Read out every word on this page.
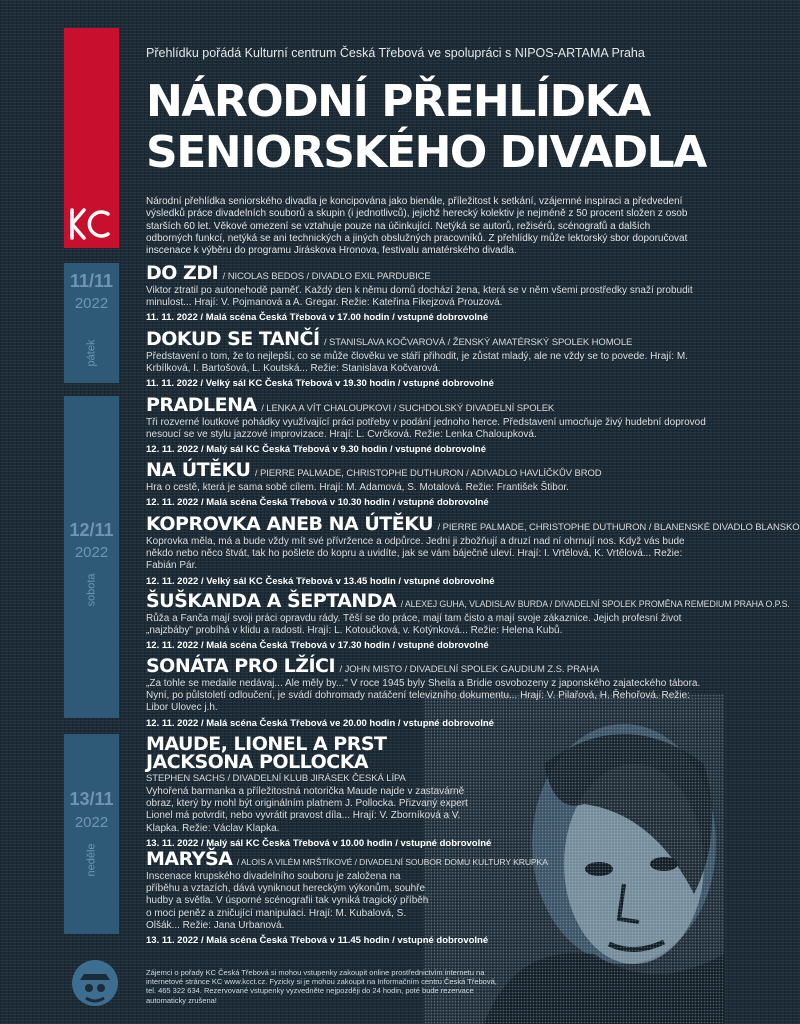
11/11
2022
pátek
12/11
2022
sobota
13/11
2022
neděle
Přehlídku pořádá Kulturní centrum Česká Třebová ve spolupráci s NIPOS-ARTAMA Praha
NÁRODNÍ PŘEHLÍDKA
SENIORSKÉHO DIVADLA

Národní přehlídka seniorského divadla je koncipována jako bienále, příležitost k setkání, vzájemné inspiraci a předvedení výsledků práce divadelních souborů a skupin (i jednotlivců), jejichž herecký kolektiv je nejméně z 50 procent složen z osob starších 60 let. Věkové omezení se vztahuje pouze na účinkující. Netýká se autorů, režisérů, scénografů a dalších odborných funkcí, netýká se ani technických a jiných obslužných pracovníků. Z přehlídky může lektorský sbor doporučovat inscenace k výběru do programu Jiráskova Hronova, festivalu amatérského divadla.

DO ZDI / NICOLAS BEDOS / DIVADLO EXIL PARDUBICE

Viktor ztratil po autonehodě paměť. Každý den k němu domů dochází žena, která se v něm všemi prostředky snaží probudit minulost... Hrají: V. Pojmanová a A. Gregar. Režie: Kateřina Fikejzová Prouzová.

11. 11. 2022 / Malá scéna Česká Třebová v 17.00 hodin / vstupné dobrovolné
DOKUD SE TANČÍ / STANISLAVA KOČVAROVÁ / ŽENSKÝ AMATÉRSKÝ SPOLEK HOMOLE

Představení o tom, že to nejlepší, co se může člověku ve stáří přihodit, je zůstat mladý, ale ne vždy se to povede. Hrají: M. Krbílková, I. Bartošová, L. Koutská... Režie: Stanislava Kočvarová.

11. 11. 2022 / Velký sál KC Česká Třebová v 19.30 hodin / vstupné dobrovolné
PRADLENA / LENKA A VÍT CHALOUPKOVI / SUCHDOLSKÝ DIVADELNÍ SPOLEK

Tři rozverné loutkové pohádky využívající práci potřeby v podání jednoho herce. Představení umocňuje živý hudební doprovod nesoucí se ve stylu jazzové improvizace. Hrají: L. Cvrčková. Režie: Lenka Chaloupková.

12. 11. 2022 / Malý sál KC Česká Třebová v 9.30 hodin / vstupné dobrovolné
NA ÚTĚKU / PIERRE PALMADE, CHRISTOPHE DUTHURON / ADIVADLO HAVLÍČKŮV BROD

Hra o cestě, která je sama sobě cílem. Hrají: M. Adamová, S. Motalová. Režie: František Štibor.

12. 11. 2022 / Malá scéna Česká Třebová v 10.30 hodin / vstupné dobrovolné
KOPROVKA ANEB NA ÚTĚKU / PIERRE PALMADE, CHRISTOPHE DUTHURON / BLANENSKÉ DIVADLO BLANSKO

Koprovka měla, má a bude vždy mít své přívržence a odpůrce. Jedni ji zbožňují a druzí nad ní ohrnují nos. Když vás bude někdo nebo něco štvát, tak ho pošlete do kopru a uvidíte, jak se vám báječně uleví. Hrají: I. Vrtělová, K. Vrtělová... Režie: Fabián Pár.

12. 11. 2022 / Velký sál KC Česká Třebová v 13.45 hodin / vstupné dobrovolné
ŠUŠKANDA A ŠEPTANDA / ALEXEJ GUHA, VLADISLAV BURDA / DIVADELNÍ SPOLEK PROMĚNA REMEDIUM PRAHA O.P.S.

Růža a Fanča mají svoji práci opravdu rády. Těší se do práce, mají tam čisto a mají svoje zákaznice. Jejich profesní život „najzbáby" probíhá v klidu a radosti. Hrají: L. Kotoučková, v. Kotýnková... Režie: Helena Kubů.

12. 11. 2022 / Malá scéna Česká Třebová v 17.30 hodin / vstupné dobrovolné
SONÁTA PRO LŽÍCI / JOHN MISTO / DIVADELNÍ SPOLEK GAUDIUM Z.S. PRAHA

„Za tohle se medaile nedávaj... Ale měly by..." V roce 1945 byly Sheila a Bridie osvobozeny z japonského zajateckého tábora. Nyní, po půlstoletí odloučení, je svádí dohromady natáčení televizního dokumentu... Hrají: V. Pilařová, H. Řehořová. Režie: Libor Ulovec j.h.

12. 11. 2022 / Malá scéna Česká Třebová ve 20.00 hodin / vstupné dobrovolné
MAUDE, LIONEL A PRST
JACKSONA POLLOCKA
STEPHEN SACHS / DIVADELNÍ KLUB JIRÁSEK ČESKÁ LÍPA

Vyhořená barmanka a příležitostná notorička Maude najde v zastavárně obraz, který by mohl být originálním platnem J. Pollocka. Přizvaný expert Lionel má potvrdit, nebo vyvrátit pravost díla... Hrají: V. Zborníková a V. Klapka. Režie: Václav Klapka.

13. 11. 2022 / Malý sál KC Česká Třebová v 10.00 hodin / vstupné dobrovolné
MARYŠA / ALOIS A VILÉM MRŠTÍKOVÉ / DIVADELNÍ SOUBOR DOMU KULTURY KRUPKA

Inscenace krupského divadelního souboru je založena na příběhu a vztazích, dává vyniknout hereckým výkonům, souhře hudby a světla. V úsporné scénografii tak vyniká tragický příběh o moci peněz a zničující manipulaci. Hrají: M. Kubalová, S. Olšák... Režie: Jana Urbanová.

13. 11. 2022 / Malá scéna Česká Třebová v 11.45 hodin / vstupné dobrovolné

Zájemci o pořady KC Česká Třebová si mohou vstupenky zakoupit online prostřednictvím internetu na internetové stránce KC www.kcct.cz. Fyzicky si je mohou zakoupit na Informačním centru Česká Třebová, tel. 465 322 634. Rezervované vstupenky vyzvedněte nejpozději do 24 hodin, poté bude rezervace automaticky zrušena!
